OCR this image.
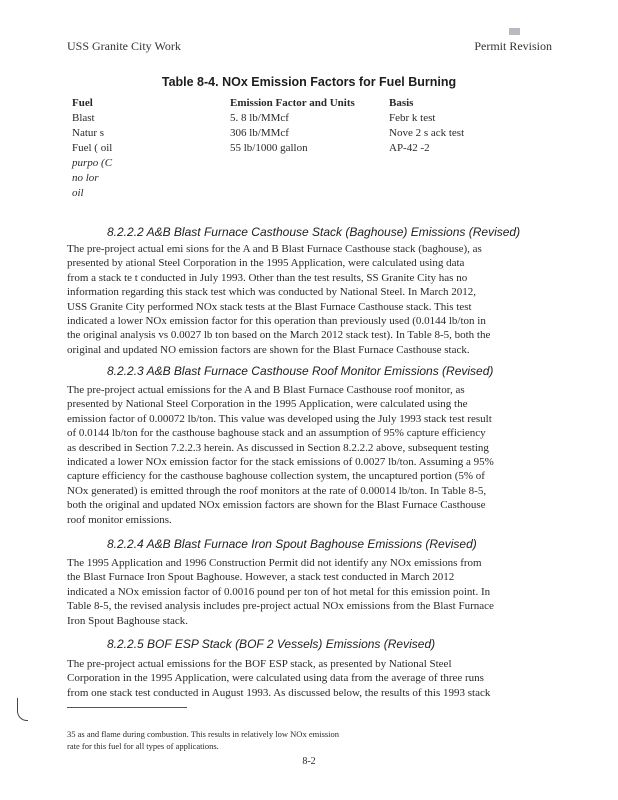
USS Granite City Work	Permit Revision
Table 8-4. NOx Emission Factors for Fuel Burning
Fuel	Emission Factor and Units	Basis
Blast	5. 8 lb/MMcf	Febr k test
Natur s	306 lb/MMcf	Nove 2 s ack test
Fuel ( oil	55 lb/1000 gallon	AP-42 -2
purpo (C
no lor
oil
8.2.2.2 A&B Blast Furnace Casthouse Stack (Baghouse) Emissions (Revised)
The pre-project actual emi sions for the A and B Blast Furnace Casthouse stack (baghouse), as
presented by ational Steel Corporation in the 1995 Application, were calculated using data
from a stack te t conducted in July 1993. Other than the test results, SS Granite City has no
information regarding this stack test which was conducted by National Steel. In March 2012,
USS Granite City performed NOx stack tests at the Blast Furnace Casthouse stack. This test
indicated a lower NOx emission factor for this operation than previously used (0.0144 lb/ton in
the original analysis vs 0.0027 lb ton based on the March 2012 stack test). In Table 8-5, both the
original and updated NO emission factors are shown for the Blast Furnace Casthouse stack.
8.2.2.3 A&B Blast Furnace Casthouse Roof Monitor Emissions (Revised)
The pre-project actual emissions for the A and B Blast Furnace Casthouse roof monitor, as
presented by National Steel Corporation in the 1995 Application, were calculated using the
emission factor of 0.00072 lb/ton. This value was developed using the July 1993 stack test result
of 0.0144 lb/ton for the casthouse baghouse stack and an assumption of 95% capture efficiency
as described in Section 7.2.2.3 herein. As discussed in Section 8.2.2.2 above, subsequent testing
indicated a lower NOx emission factor for the stack emissions of 0.0027 lb/ton. Assuming a 95%
capture efficiency for the casthouse baghouse collection system, the uncaptured portion (5% of
NOx generated) is emitted through the roof monitors at the rate of 0.00014 lb/ton. In Table 8-5,
both the original and updated NOx emission factors are shown for the Blast Furnace Casthouse
roof monitor emissions.
8.2.2.4 A&B Blast Furnace Iron Spout Baghouse Emissions (Revised)
The 1995 Application and 1996 Construction Permit did not identify any NOx emissions from
the Blast Furnace Iron Spout Baghouse. However, a stack test conducted in March 2012
indicated a NOx emission factor of 0.0016 pound per ton of hot metal for this emission point. In
Table 8-5, the revised analysis includes pre-project actual NOx emissions from the Blast Furnace
Iron Spout Baghouse stack.
8.2.2.5 BOF ESP Stack (BOF 2 Vessels) Emissions (Revised)
The pre-project actual emissions for the BOF ESP stack, as presented by National Steel
Corporation in the 1995 Application, were calculated using data from the average of three runs
from one stack test conducted in August 1993. As discussed below, the results of this 1993 stack
35 as and flame during combustion. This results in relatively low NOx emission
rate for this fuel for all types of applications.
8-2
